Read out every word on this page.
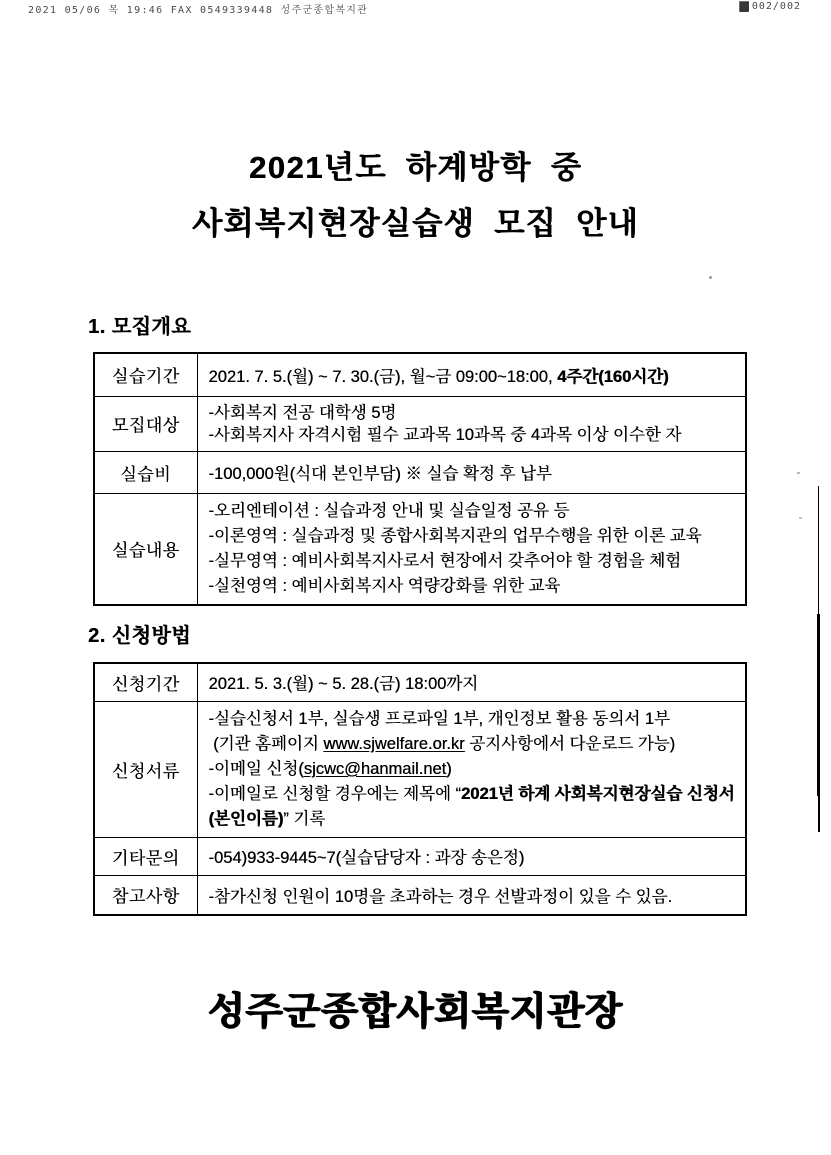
2021 05/06 목 19:46 FAX 0549339448 성주군종합복지관	002/002
2021년도 하계방학 중
사회복지현장실습생 모집 안내
1. 모집개요
실습기간	2021. 7. 5.(월) ~ 7. 30.(금), 월~금 09:00~18:00, 4주간(160시간)

모집대상	-사회복지 전공 대학생 5명
-사회복지사 자격시험 필수 교과목 10과목 중 4과목 이상 이수한 자

실습비	-100,000원(식대 본인부담) ※ 실습 확정 후 납부

실습내용	-오리엔테이션 : 실습과정 안내 및 실습일정 공유 등
-이론영역 : 실습과정 및 종합사회복지관의 업무수행을 위한 이론 교육
-실무영역 : 예비사회복지사로서 현장에서 갖추어야 할 경험을 체험
-실천영역 : 예비사회복지사 역량강화를 위한 교육
2. 신청방법
신청기간	2021. 5. 3.(월) ~ 5. 28.(금) 18:00까지

신청서류	-실습신청서 1부, 실습생 프로파일 1부, 개인정보 활용 동의서 1부
(기관 홈페이지 www.sjwelfare.or.kr 공지사항에서 다운로드 가능)
-이메일 신청(sjcwc@hanmail.net)
-이메일로 신청할 경우에는 제목에 “2021년 하계 사회복지현장실습 신청서
(본인이름)” 기록

기타문의	-054)933-9445~7(실습담당자 : 과장 송은정)

참고사항	-참가신청 인원이 10명을 초과하는 경우 선발과정이 있을 수 있음.
성주군종합사회복지관장
